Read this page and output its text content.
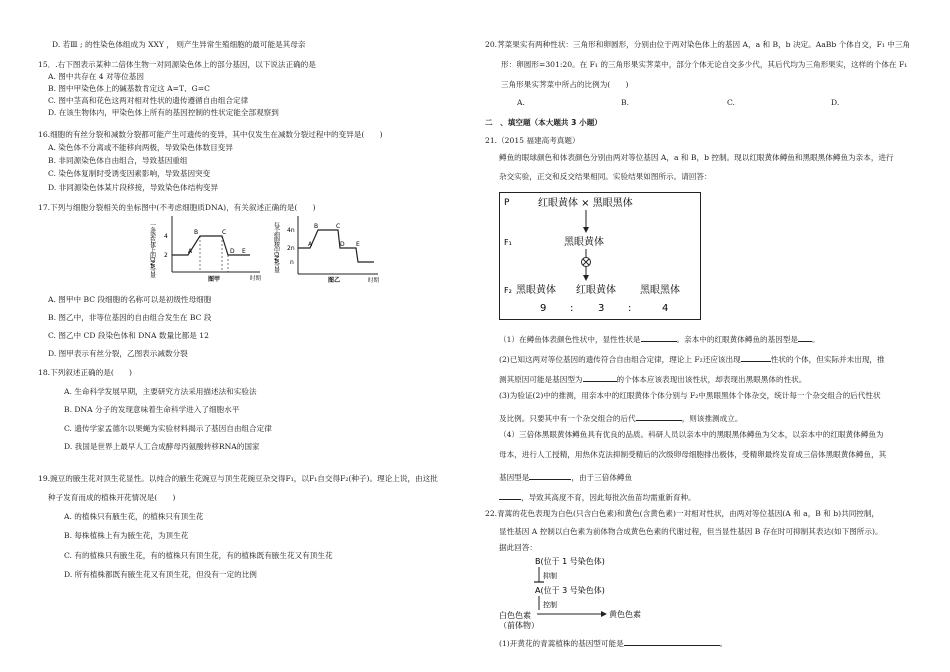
D. 若Ⅲ ; 的性染色体组成为 XXY ， 则产生异常生殖细胞的最可能是其母亲
15．.右下图表示某种二倍体生物一对同源染色体上的部分基因，以下说法正确的是
A. 图中共存在 4 对等位基因
B. 图中甲染色体上的碱基数肯定这 A=T、G=C
C. 图中茎高和花色这两对相对性状的遗传遵循自由组合定律
D. 在该生物体内，甲染色体上所有的基因控制的性状定能全部观察到
16.细胞的有丝分裂和减数分裂都可能产生可遗传的变异，其中仅发生在减数分裂过程中的变异是(　　)
A. 染色体不分离或不能移向两极，导致染色体数目变异
B. 非同源染色体自由组合，导致基因重组
C. 染色体复制时受诱变因素影响，导致基因突变
D. 非同源染色体某片段移接，导致染色体结构变异
17.下列与细胞分裂相关的坐标图中(不考虑细胞质DNA)，有关叙述正确的是(　　)
一条染色体上的DNA含量 4
2
A
B	C
D E
时期
图甲
每个细胞核中DNA含量 4n
2n
n
A
B	C
D E
时期
图乙
A. 图甲中 BC 段细胞的名称可以是初级性母细胞
B. 图乙中，非等位基因的自由组合发生在 BC 段
C. 图乙中 CD 段染色体和 DNA 数量比都是 12
D. 图甲表示有丝分裂，乙图表示减数分裂
18.下列叙述正确的是(　　)
A. 生命科学发展早期，主要研究方法采用描述法和实验法
B. DNA 分子的发现意味着生命科学进入了细胞水平
C. 遗传学家孟德尔以果蝇为实验材料揭示了基因自由组合定律
D. 我国是世界上最早人工合成酵母丙氨酸转移RNA的国家
19.豌豆的腋生花对顶生花显性。以纯合的腋生花豌豆与顶生花豌豆杂交得F₁，以F₁自交得F₂(种子)。理论上说，由这批
种子发育而成的植株开花情况是(　　)
A. 的植株只有腋生花，的植株只有顶生花
B. 每株植株上有为腋生花，为顶生花
C. 有的植株只有腋生花，有的植株只有顶生花，有的植株既有腋生花又有顶生花
D. 所有植株都既有腋生花又有顶生花，但没有一定的比例
20.荠菜果实有两种性状：三角形和卵圆形，分别由位于两对染色体上的基因 A，a 和 B，b 决定。AaBb 个体自交，F₁ 中三角
形：卵圆形=301:20。在 F₁ 的三角形果实荠菜中，部分个体无论自交多少代，其后代均为三角形果实，这样的个体在 F₁
三角形果实荠菜中所占的比例为(　　)
A.	B.	C.	D.
二　、填空题（本大题共 3 小题）
21.（2015 福建高考真题）
鳟鱼的眼球颜色和体表颜色分别由两对等位基因 A，a 和 B，b 控制。现以红眼黄体鳟鱼和黑眼黑体鳟鱼为亲本，进行
杂交实验，正交和反交结果相同。实验结果如图所示。请回答：
P	红眼黄体 × 黑眼黑体
F₁	黑眼黄体
F₂ 黑眼黄体 红眼黄体 黑眼黑体
9 : 3 :	4
（1）在鳟鱼体表颜色性状中，显性性状是	。亲本中的红眼黄体鳟鱼的基因型是 。
(2)已知这两对等位基因的遗传符合自由组合定律，理论上 F₂还应该出现	性状的个体，但实际并未出现，推
测其原因可能是基因型为	的个体本应该表现出该性状，却表现出黑眼黑体的性状。
(3)为验证(2)中的推测，用亲本中的红眼黄体个体分别与 F₂中黑眼黑体个体杂交，统计每一个杂交组合的后代性状
及比例。只要其中有一个杂交组合的后代	，则该推测成立。
（4）三倍体黑眼黄体鳟鱼具有优良的品质。科研人员以亲本中的黑眼黑体鳟鱼为父本，以亲本中的红眼黄体鳟鱼为
母本，进行人工授精，用热休克法抑制受精后的次级卵母细胞排出极体，受精卵最终发育成三倍体黑眼黄体鳟鱼，其
基因型是	，由于三倍体鳟鱼
，导致其高度不育，因此每批次鱼苗均需重新育种。
22.青蒿的花色表现为白色(只含白色素)和黄色(含黄色素)一对相对性状，由两对等位基因(A 和 a，B 和 b)共同控制，
显性基因 A 控制以白色素为前体物合成黄色色素的代谢过程，但当显性基因 B 存在时可抑制其表达(如下图所示)。
据此回答：
B(位于 1 号染色体)
抑制
A(位于 3 号染色体)
控制
白色色素
（前体物）
黄色色素
(1)开黄花的青蒿植株的基因型可能是	。
